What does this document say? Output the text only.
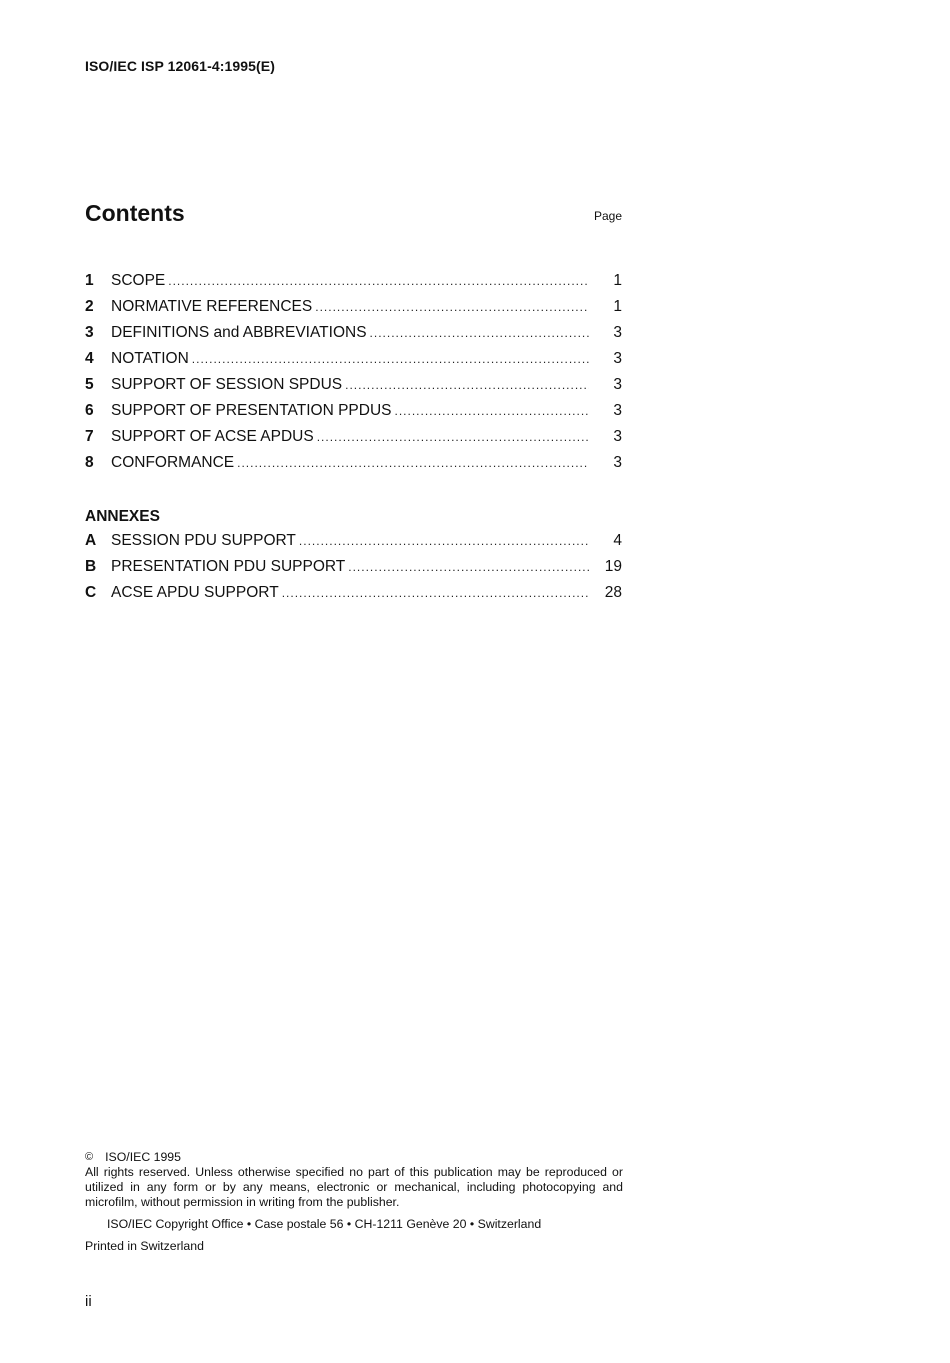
ISO/IEC ISP 12061-4:1995(E)
Contents	Page
1	SCOPE .....	1
2	NORMATIVE REFERENCES .....	1
3	DEFINITIONS and ABBREVIATIONS .....	3
4	NOTATION .....	3
5	SUPPORT OF SESSION SPDUS .....	3
6	SUPPORT OF PRESENTATION PPDUS .....	3
7	SUPPORT OF ACSE APDUS .....	3
8	CONFORMANCE .....	3
ANNEXES
A SESSION PDU SUPPORT .....	4
B PRESENTATION PDU SUPPORT .....	19
C ACSE APDU SUPPORT .....	28
© ISO/IEC 1995
All rights reserved. Unless otherwise specified no part of this publication may be reproduced or utilized in any form or by any means, electronic or mechanical, including photocopying and microfilm, without permission in writing from the publisher.
ISO/IEC Copyright Office • Case postale 56 • CH-1211 Genève 20 • Switzerland
Printed in Switzerland
ii
